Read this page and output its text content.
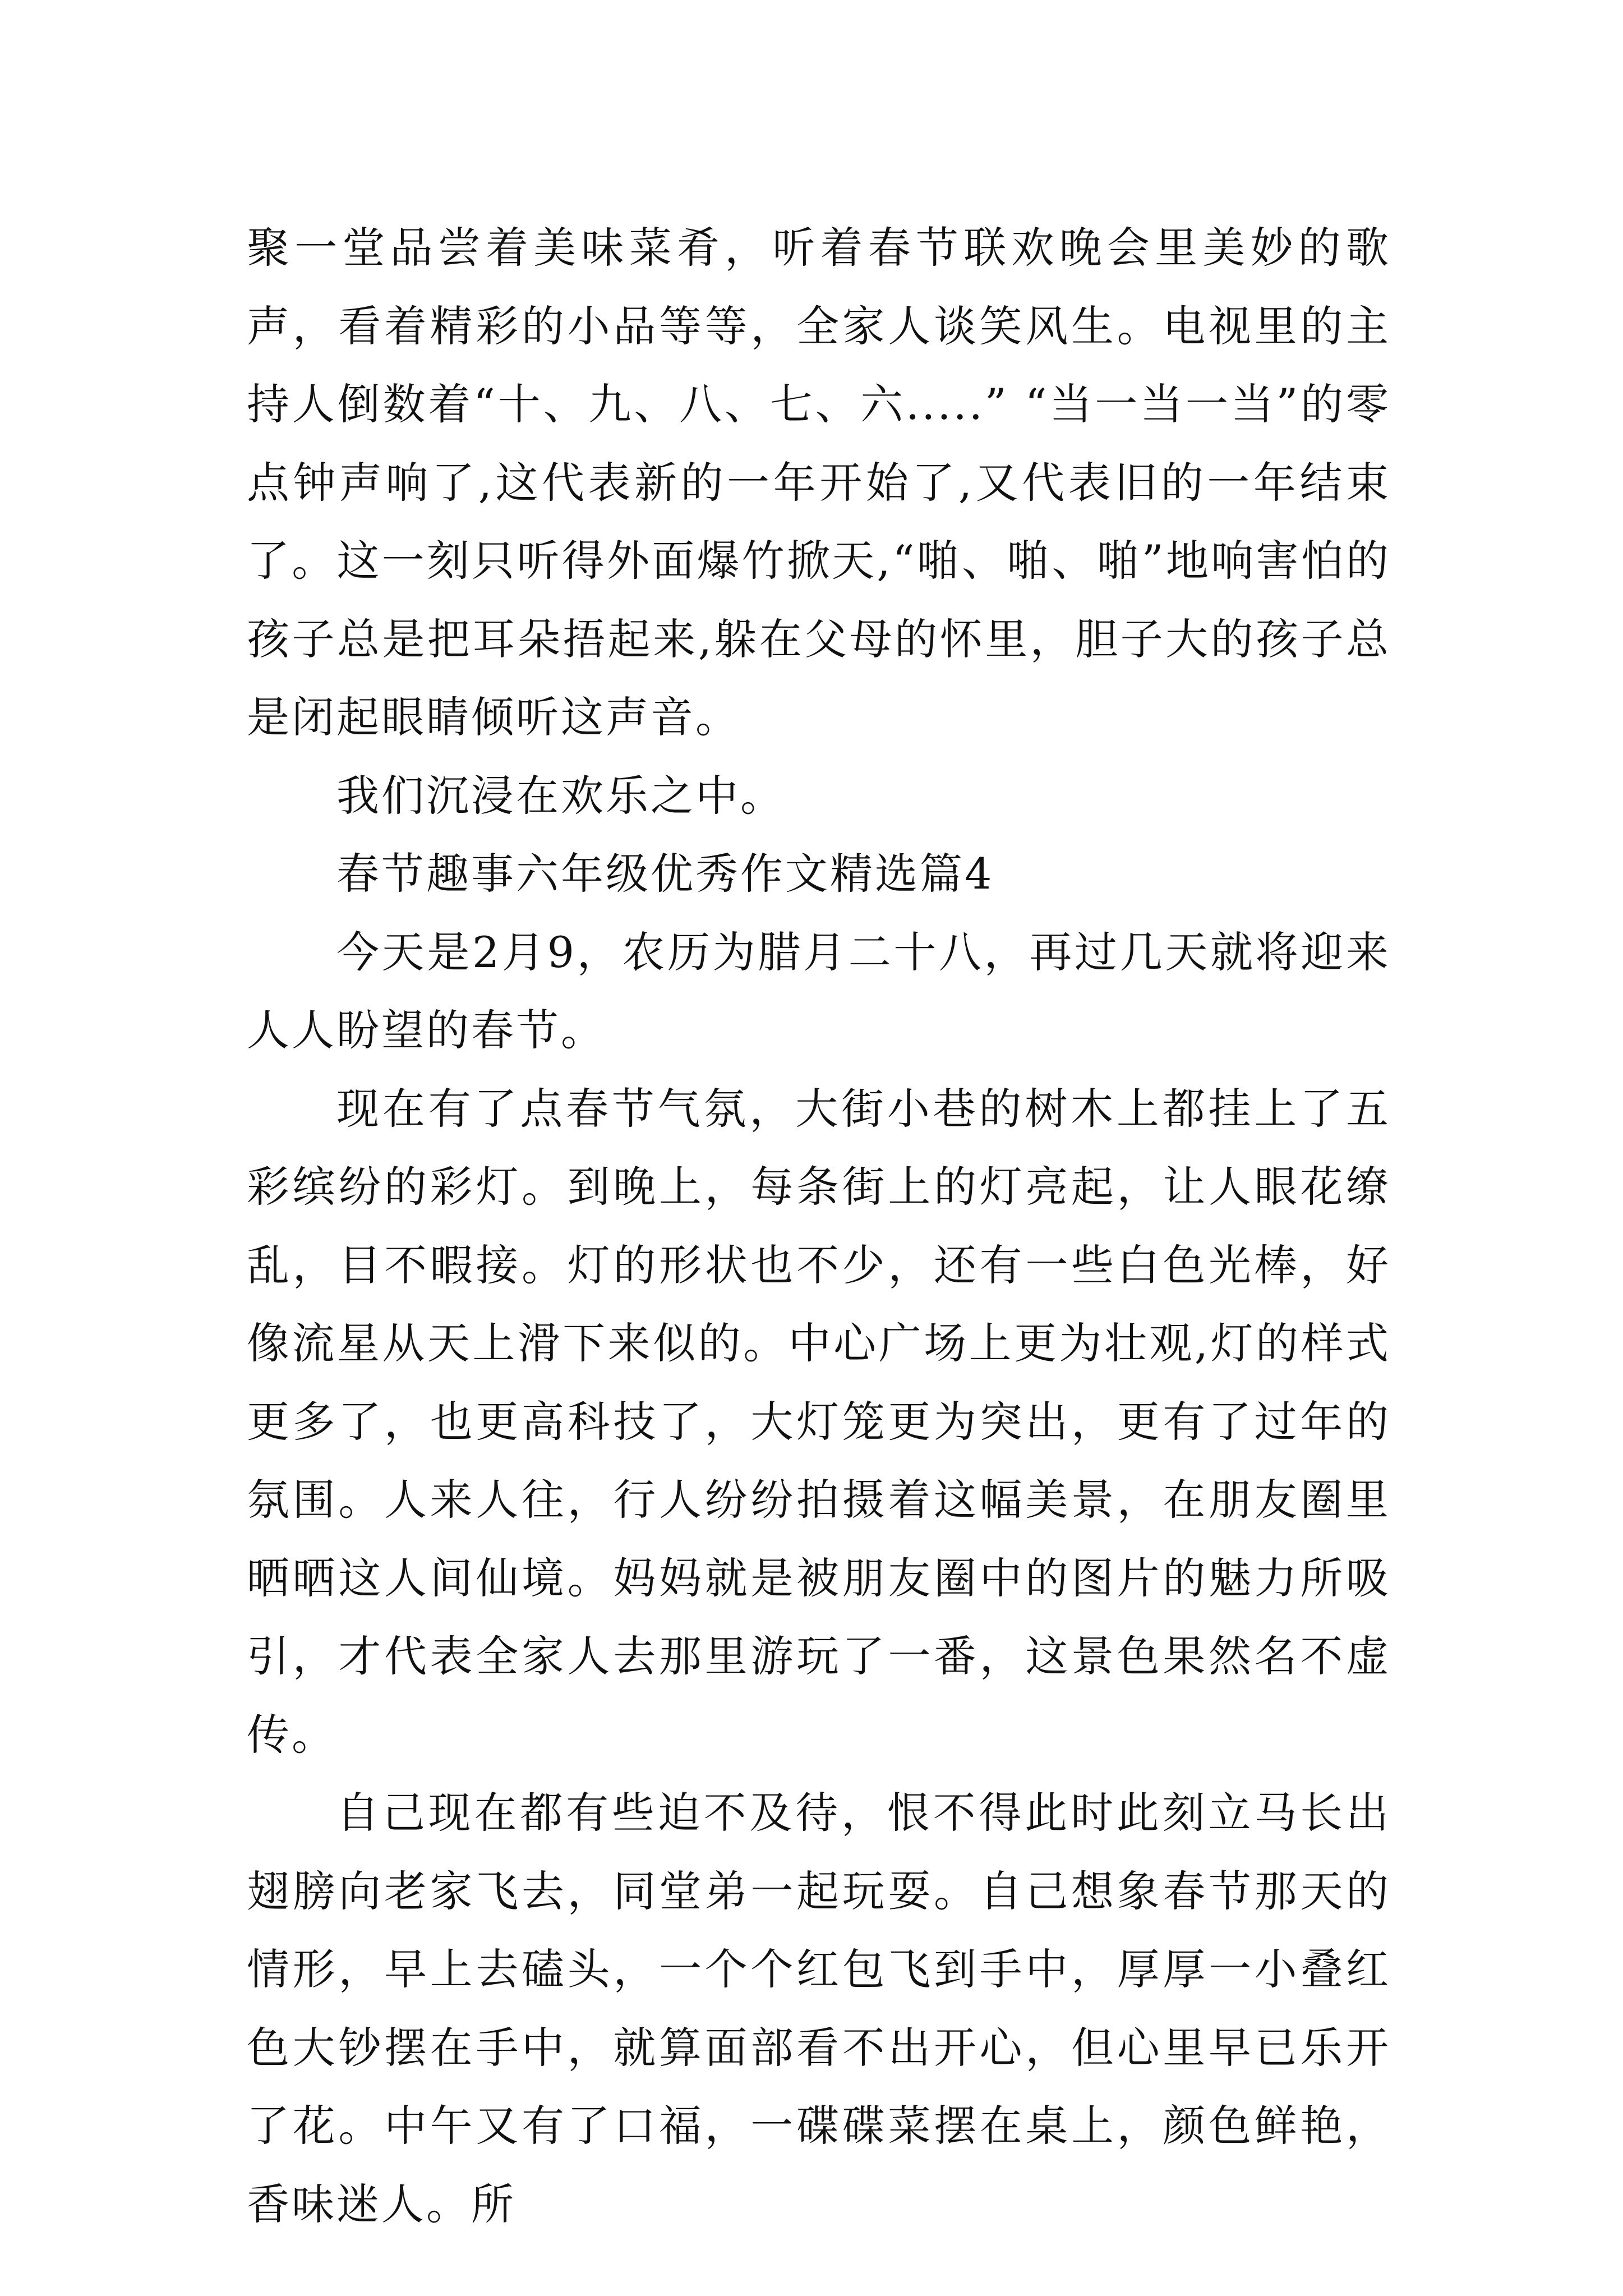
聚一堂品尝着美味菜肴，听着春节联欢晚会里美妙的歌声，看着精彩的小品等等，全家人谈笑风生。电视里的主持人倒数着“十、九、八、七、六.....” “当一当一当”的零点钟声响了,这代表新的一年开始了,又代表旧的一年结束了。这一刻只听得外面爆竹掀天,“啪、啪、啪”地响害怕的孩子总是把耳朵捂起来,躲在父母的怀里，胆子大的孩子总是闭起眼睛倾听这声音。

我们沉浸在欢乐之中。

春节趣事六年级优秀作文精选篇4

今天是2月9，农历为腊月二十八，再过几天就将迎来人人盼望的春节。

现在有了点春节气氛，大街小巷的树木上都挂上了五彩缤纷的彩灯。到晚上，每条街上的灯亮起，让人眼花缭乱，目不暇接。灯的形状也不少，还有一些白色光棒，好像流星从天上滑下来似的。中心广场上更为壮观,灯的样式更多了，也更高科技了，大灯笼更为突出，更有了过年的氛围。人来人往，行人纷纷拍摄着这幅美景，在朋友圈里晒晒这人间仙境。妈妈就是被朋友圈中的图片的魅力所吸引，才代表全家人去那里游玩了一番，这景色果然名不虚传。

自己现在都有些迫不及待，恨不得此时此刻立马长出翅膀向老家飞去，同堂弟一起玩耍。自己想象春节那天的情形，早上去磕头，一个个红包飞到手中，厚厚一小叠红色大钞摆在手中，就算面部看不出开心，但心里早已乐开了花。中午又有了口福，一碟碟菜摆在桌上，颜色鲜艳，香味迷人。所
